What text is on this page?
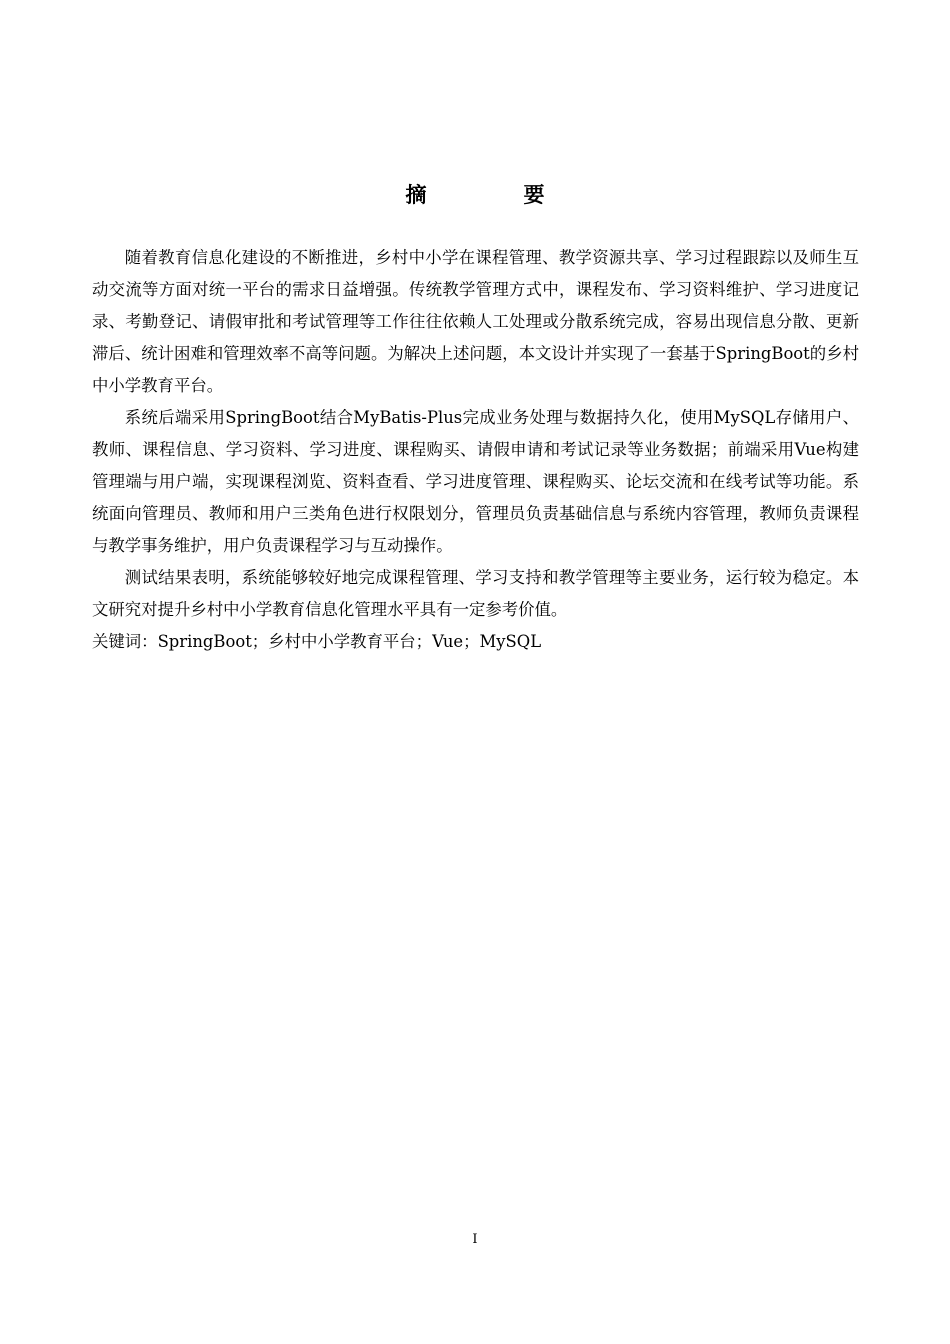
摘　要

随着教育信息化建设的不断推进，乡村中小学在课程管理、教学资源共享、学习过程跟踪以及师生互动交流等方面对统一平台的需求日益增强。传统教学管理方式中，课程发布、学习资料维护、学习进度记录、考勤登记、请假审批和考试管理等工作往往依赖人工处理或分散系统完成，容易出现信息分散、更新滞后、统计困难和管理效率不高等问题。为解决上述问题，本文设计并实现了一套基于SpringBoot的乡村中小学教育平台。

系统后端采用SpringBoot结合MyBatis-Plus完成业务处理与数据持久化，使用MySQL存储用户、教师、课程信息、学习资料、学习进度、课程购买、请假申请和考试记录等业务数据；前端采用Vue构建管理端与用户端，实现课程浏览、资料查看、学习进度管理、课程购买、论坛交流和在线考试等功能。系统面向管理员、教师和用户三类角色进行权限划分，管理员负责基础信息与系统内容管理，教师负责课程与教学事务维护，用户负责课程学习与互动操作。

测试结果表明，系统能够较好地完成课程管理、学习支持和教学管理等主要业务，运行较为稳定。本文研究对提升乡村中小学教育信息化管理水平具有一定参考价值。

关键词：SpringBoot；乡村中小学教育平台；Vue；MySQL

I
